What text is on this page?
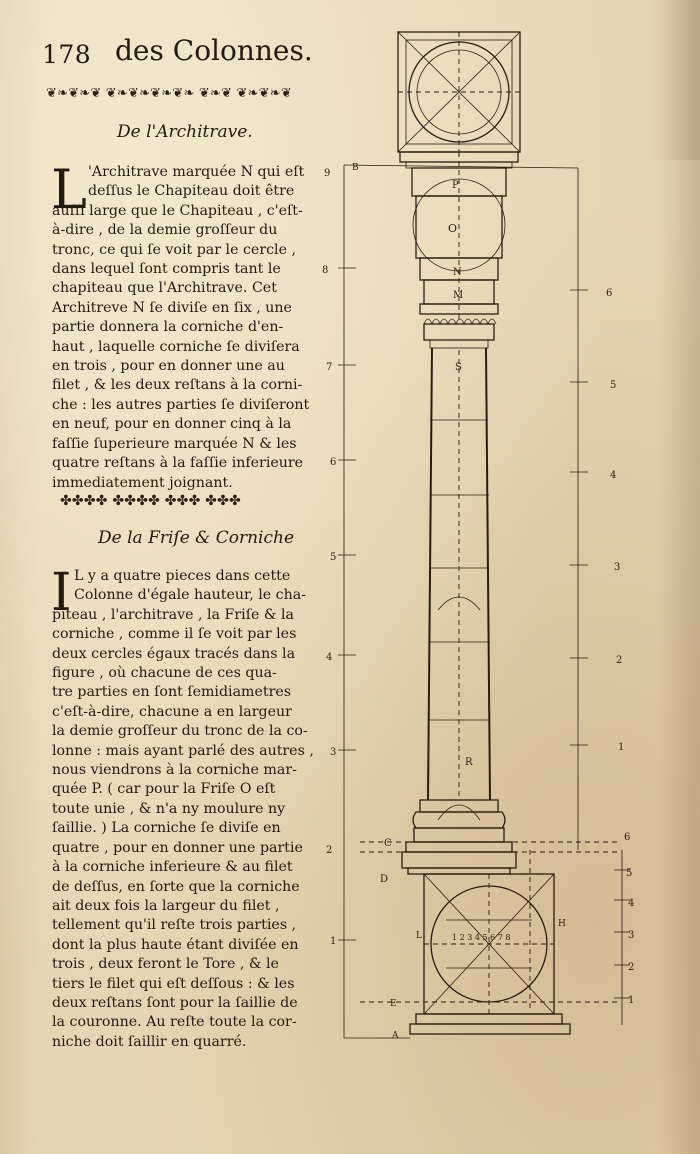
178 des Colonnes.
❦❧❦❧❦ ❦❧❦❧❦❧❦❧ ❦❧❦ ❦❧❦❧❦
De l'Architrave.
L 'Architrave marquée N qui eſt
deſſus le Chapiteau doit être
auſſi large que le Chapiteau , c'eſt-
à-dire , de la demie groſſeur du
tronc, ce qui ſe voit par le cercle ,
dans lequel ſont compris tant le
chapiteau que l'Architrave. Cet
Architreve N ſe diviſe en ſix , une
partie donnera la corniche d'en-
haut , laquelle corniche ſe diviſera
en trois , pour en donner une au
filet , & les deux reſtans à la corni-
che : les autres parties ſe diviſeront
en neuf, pour en donner cinq à la
faſſie ſuperieure marquée N & les
quatre reſtans à la faſſie inferieure
immediatement joignant.
✤✤✤✤ ✤✤✤✤ ✤✤✤ ✤✤✤
De la Friſe & Corniche
I L y a quatre pieces dans cette
Colonne d'égale hauteur, le cha-
piteau , l'architrave , la Friſe & la
corniche , comme il ſe voit par les
deux cercles égaux tracés dans la
figure , où chacune de ces qua-
tre parties en ſont ſemidiametres
c'eſt-à-dire, chacune a en largeur
la demie groſſeur du tronc de la co-
lonne : mais ayant parlé des autres ,
nous viendrons à la corniche mar-
quée P. ( car pour la Friſe O eſt
toute unie , & n'a ny moulure ny
ſaillie. ) La corniche ſe diviſe en
quatre , pour en donner une partie
à la corniche inferieure & au filet
de deſſus, en ſorte que la corniche
ait deux fois la largeur du filet ,
tellement qu'il reſte trois parties ,
dont la plus haute étant diviſée en
trois , deux feront le Tore , & le
tiers le filet qui eſt deſſous : & les
deux reſtans ſont pour la ſaillie de
la couronne. Au reſte toute la cor-
niche doit ſaillir en quarré.
P
O
N
M
S
R
C
D
E
A
B
H
L	1 2 3 4 5 6 7 8
9
8
7
6
5
4
3
2
1
6
5
4
3
2
1
6
5
4
3
2
1
